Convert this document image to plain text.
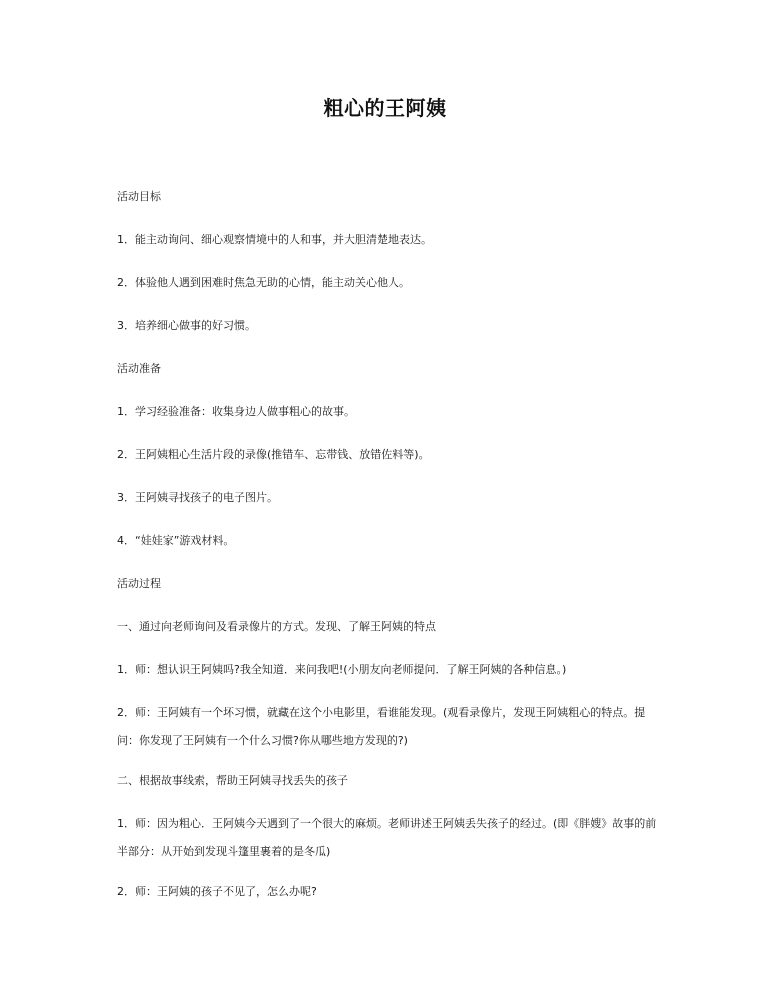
粗心的王阿姨

活动目标

1．能主动询问、细心观察情境中的人和事，并大胆清楚地表达。

2．体验他人遇到困难时焦急无助的心情，能主动关心他人。

3．培养细心做事的好习惯。

活动准备

1．学习经验准备：收集身边人做事粗心的故事。

2．王阿姨粗心生活片段的录像(推错车、忘带钱、放错佐料等)。

3．王阿姨寻找孩子的电子图片。

4．“娃娃家”游戏材料。

活动过程

一、通过向老师询问及看录像片的方式。发现、了解王阿姨的特点

1．师：想认识王阿姨吗?我全知道．来问我吧!(小朋友向老师提问．了解王阿姨的各种信息。)

2．师：王阿姨有一个坏习惯，就藏在这个小电影里，看谁能发现。(观看录像片，发现王阿姨粗心的特点。提问：你发现了王阿姨有一个什么习惯?你从哪些地方发现的?)

二、根据故事线索，帮助王阿姨寻找丢失的孩子

1．师：因为粗心．王阿姨今天遇到了一个很大的麻烦。老师讲述王阿姨丢失孩子的经过。(即《胖嫂》故事的前半部分：从开始到发现斗篷里裹着的是冬瓜)

2．师：王阿姨的孩子不见了，怎么办呢?
